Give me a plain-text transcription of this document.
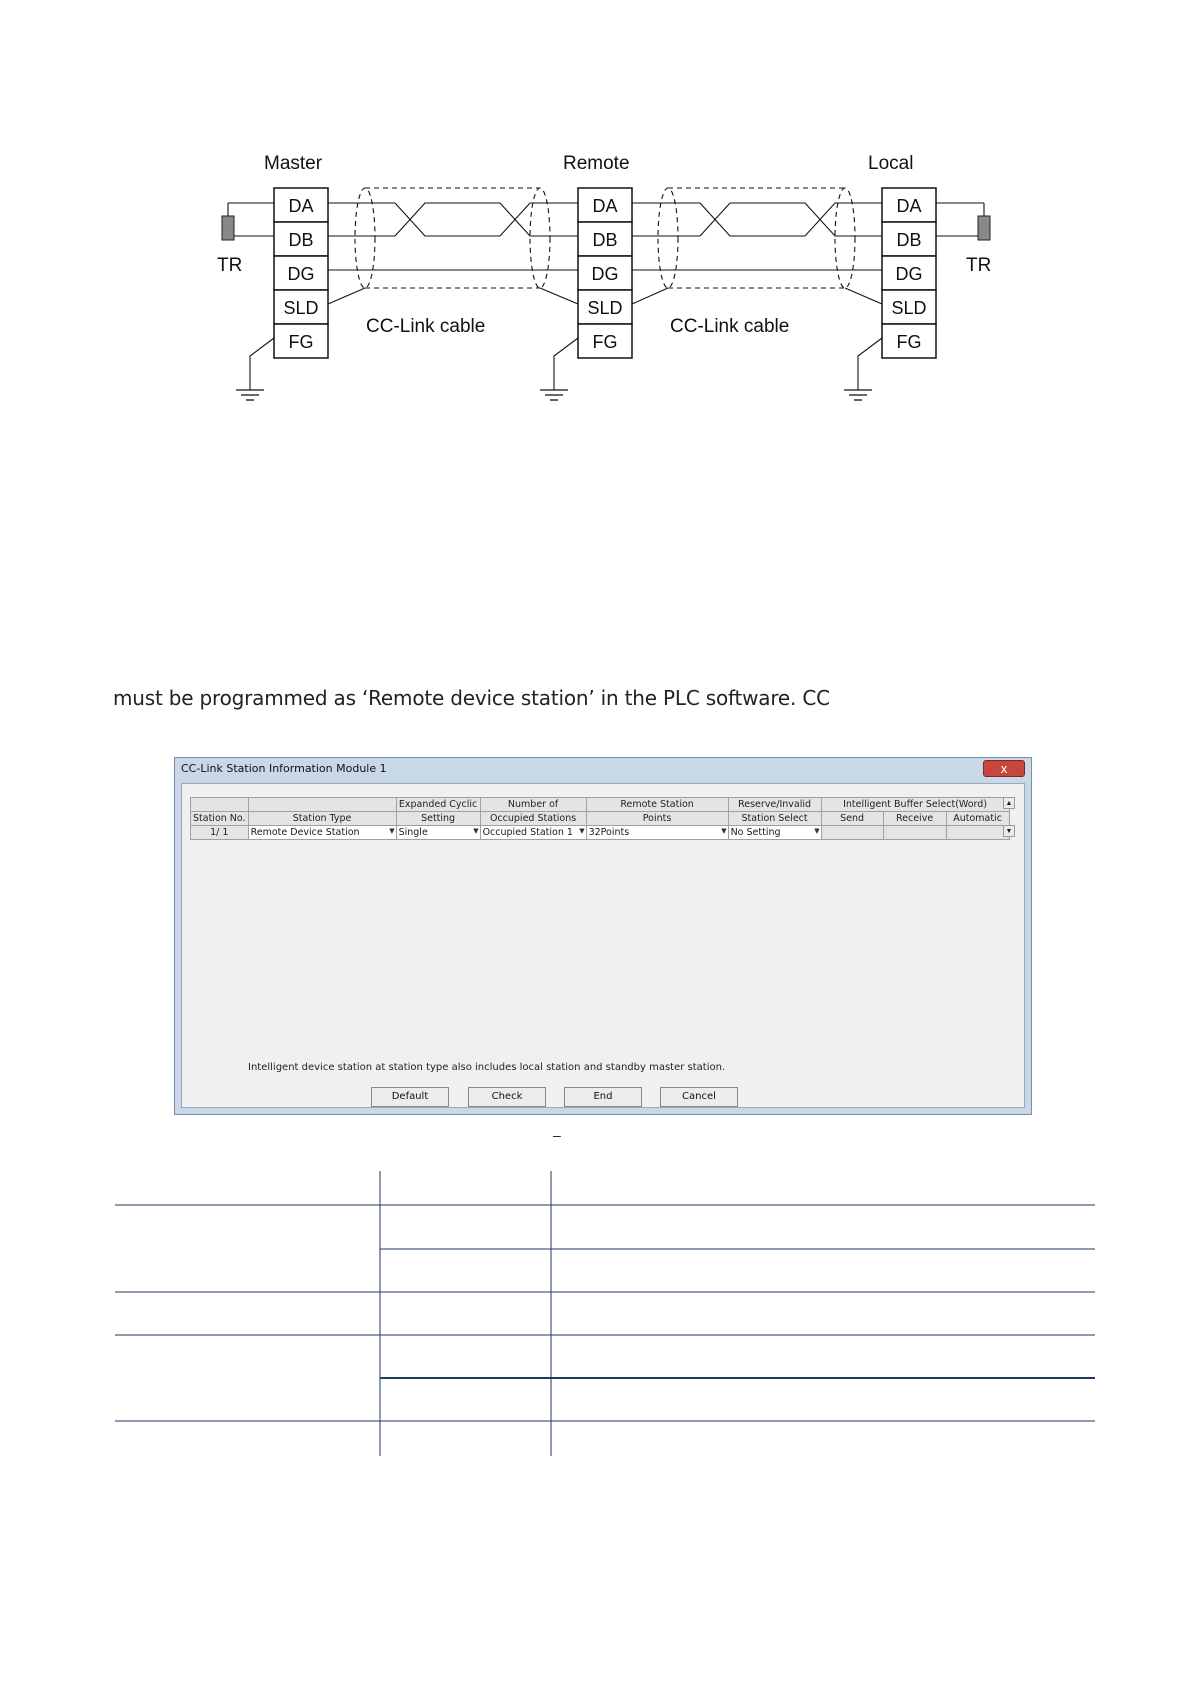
Master	Remote	Local
DA
DB
DG
SLD
FG
DA
DB
DG
SLD
FG
DA
DB
DG
SLD
FG
CC-Link cable	CC-Link cable
TR	TR
must be programmed as ‘Remote device station’ in the PLC software. CC
CC-Link Station Information Module 1	x
		Expanded Cyclic	Number of	Remote Station	Reserve/Invalid	Intelligent Buffer Select(Word)		
Station No.	Station Type	Setting	Occupied Stations	Points	Station Select	Send	Receive	Automatic
1/ 1	Remote Device Station ▼	Single ▼	Occupied Station 1 ▼	32Points ▼	No Setting ▼			

▲
▼
Intelligent device station at station type also includes local station and standby master station.
Default	Check	End	Cancel
–
